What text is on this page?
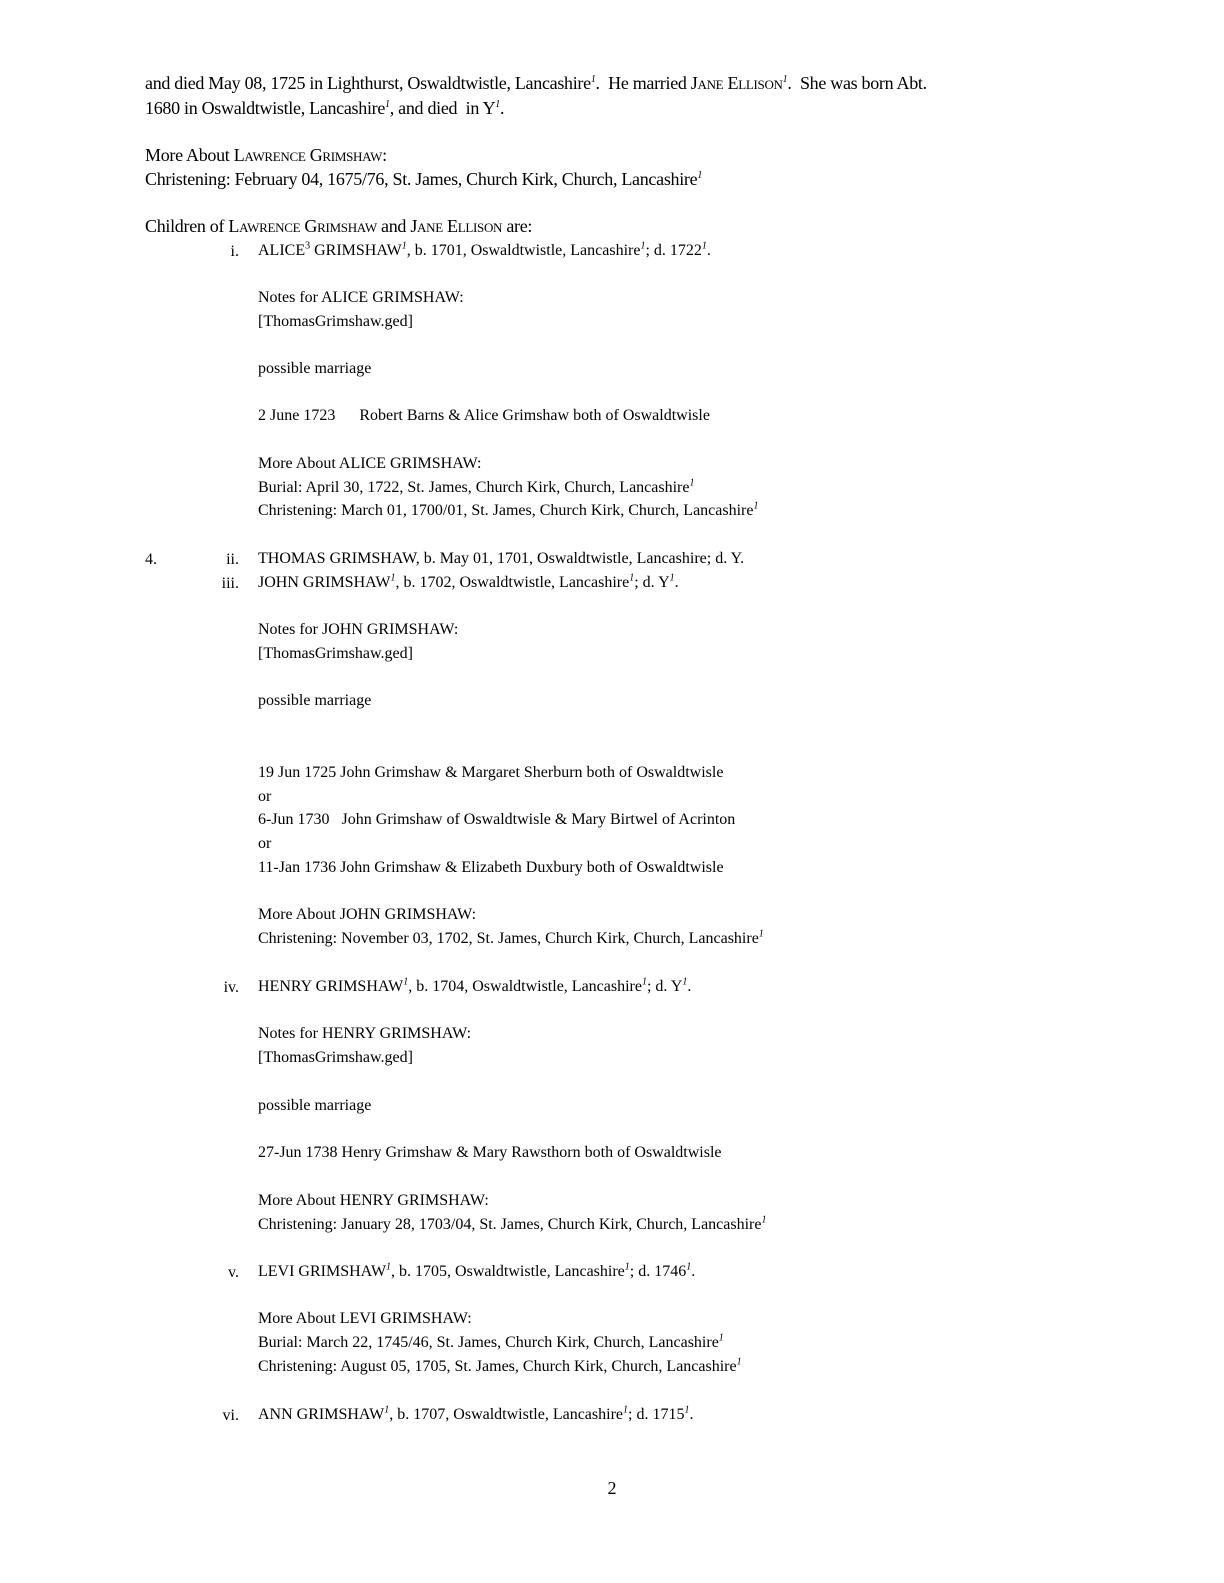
and died May 08, 1725 in Lighthurst, Oswaldtwistle, Lancashire$^1$.  He married Jane Ellison$^1$.  She was born Abt.
1680 in Oswaldtwistle, Lancashire$^1$, and died  in $Y^1$.
More About Lawrence Grimshaw:
Christening: February 04, 1675/76, St. James, Church Kirk, Church, Lancashire$^1$
Children of Lawrence Grimshaw and Jane Ellison are:
i. ALICE$^3$ GRIMSHAW$^1$, b. 1701, Oswaldtwistle, Lancashire$^1$; d. 1722$^1$.
Notes for ALICE GRIMSHAW:
[ThomasGrimshaw.ged]
possible marriage
2 June 1723      Robert Barns & Alice Grimshaw both of Oswaldtwisle
More About ALICE GRIMSHAW:
Burial: April 30, 1722, St. James, Church Kirk, Church, Lancashire$^1$
Christening: March 01, 1700/01, St. James, Church Kirk, Church, Lancashire$^1$
4.	ii. THOMAS GRIMSHAW, b. May 01, 1701, Oswaldtwistle, Lancashire; d. Y.
iii. JOHN GRIMSHAW$^1$, b. 1702, Oswaldtwistle, Lancashire$^1$; d. $Y^1$.
Notes for JOHN GRIMSHAW:
[ThomasGrimshaw.ged]
possible marriage
19 Jun 1725 John Grimshaw & Margaret Sherburn both of Oswaldtwisle
or
6-Jun 1730   John Grimshaw of Oswaldtwisle & Mary Birtwel of Acrinton
or
11-Jan 1736 John Grimshaw & Elizabeth Duxbury both of Oswaldtwisle
More About JOHN GRIMSHAW:
Christening: November 03, 1702, St. James, Church Kirk, Church, Lancashire$^1$
iv. HENRY GRIMSHAW$^1$, b. 1704, Oswaldtwistle, Lancashire$^1$; d. $Y^1$.
Notes for HENRY GRIMSHAW:
[ThomasGrimshaw.ged]
possible marriage
27-Jun 1738 Henry Grimshaw & Mary Rawsthorn both of Oswaldtwisle
More About HENRY GRIMSHAW:
Christening: January 28, 1703/04, St. James, Church Kirk, Church, Lancashire$^1$
v. LEVI GRIMSHAW$^1$, b. 1705, Oswaldtwistle, Lancashire$^1$; d. 1746$^1$.
More About LEVI GRIMSHAW:
Burial: March 22, 1745/46, St. James, Church Kirk, Church, Lancashire$^1$
Christening: August 05, 1705, St. James, Church Kirk, Church, Lancashire$^1$
vi. ANN GRIMSHAW$^1$, b. 1707, Oswaldtwistle, Lancashire$^1$; d. 1715$^1$.
2
